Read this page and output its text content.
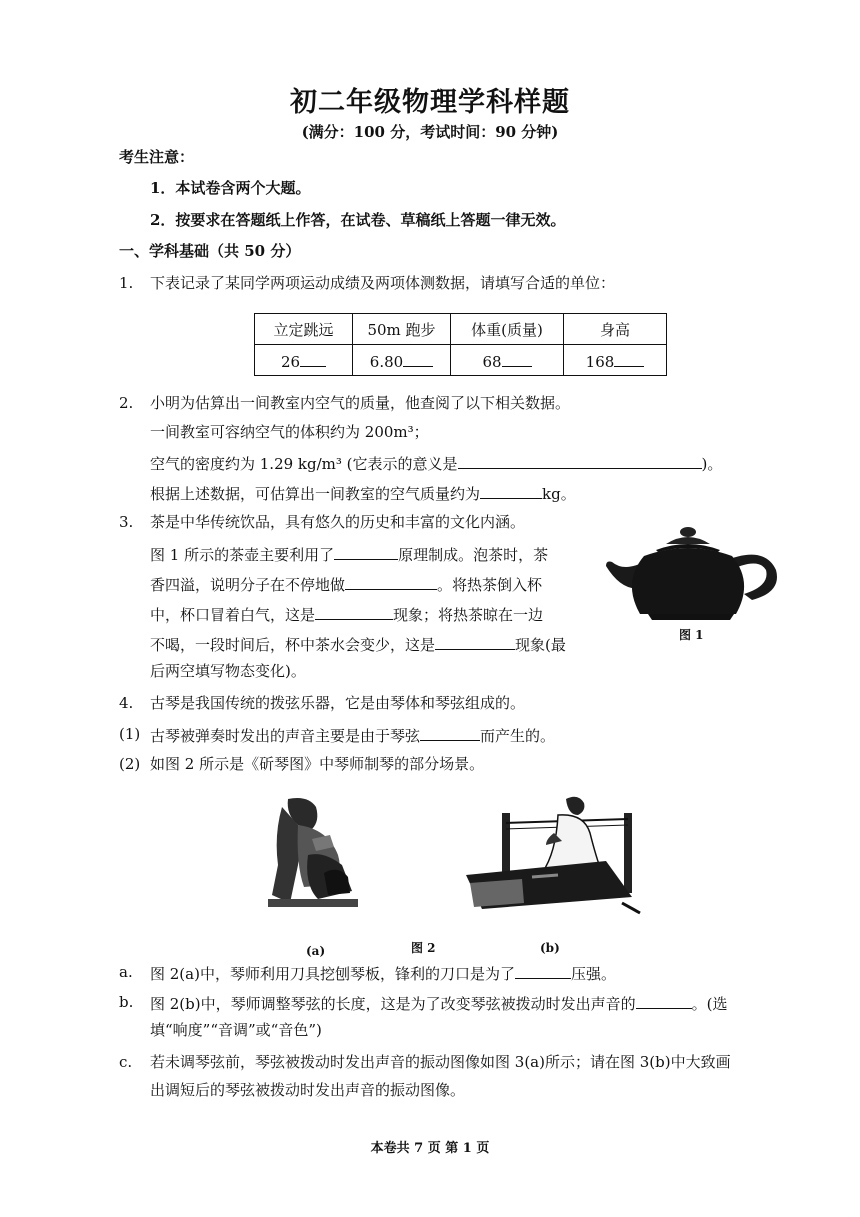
初二年级物理学科样题
(满分：100 分，考试时间：90 分钟)
考生注意：
1．本试卷含两个大题。
2．按要求在答题纸上作答，在试卷、草稿纸上答题一律无效。
一、学科基础（共 50 分）
1. 下表记录了某同学两项运动成绩及两项体测数据，请填写合适的单位：
立定跳远	50m 跑步	体重(质量)	身高
26	6.80	68	168
2. 小明为估算出一间教室内空气的质量，他查阅了以下相关数据。
一间教室可容纳空气的体积约为 200m³；
空气的密度约为 1.29 kg/m³ (它表示的意义是	)。
根据上述数据，可估算出一间教室的空气质量约为	kg。
3. 茶是中华传统饮品，具有悠久的历史和丰富的文化内涵。
图 1 所示的茶壶主要利用了	原理制成。泡茶时，茶
香四溢，说明分子在不停地做	。将热茶倒入杯
中，杯口冒着白气，这是	现象；将热茶晾在一边
不喝，一段时间后，杯中茶水会变少，这是	现象(最
后两空填写物态变化)。
图 1
4. 古琴是我国传统的拨弦乐器，它是由琴体和琴弦组成的。
(1) 古琴被弹奏时发出的声音主要是由于琴弦	而产生的。
(2) 如图 2 所示是《斫琴图》中琴师制琴的部分场景。
(a)	图 2	(b)
a. 图 2(a)中，琴师利用刀具挖刨琴板，锋利的刀口是为了	压强。
b. 图 2(b)中，琴师调整琴弦的长度，这是为了改变琴弦被拨动时发出声音的	。(选
填“响度”“音调”或“音色”)
c. 若未调琴弦前，琴弦被拨动时发出声音的振动图像如图 3(a)所示；请在图 3(b)中大致画
出调短后的琴弦被拨动时发出声音的振动图像。
本卷共 7 页 第 1 页
